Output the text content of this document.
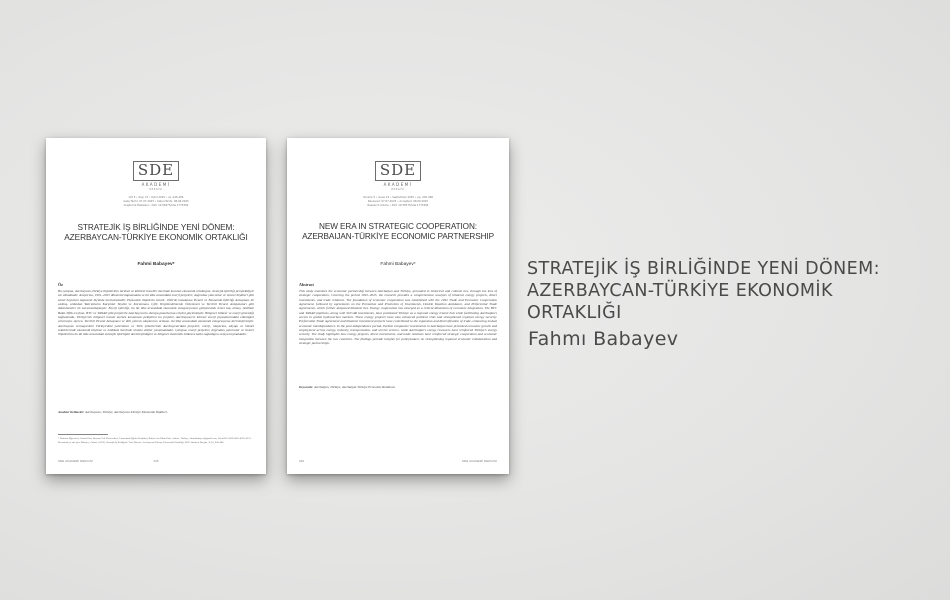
SDE
AKADEMİ
DERGİSİ
Cilt 5 • Sayı 15 • Eylül 2025 • ss. 445-466
Geliş Tarihi: 07.07.2025 • Kabul Tarihi: 08.09.2025
Araştırma Makalesi • DOI: 10.58375/sde.1775394
STRATEJİK İŞ BİRLİĞİNDE YENİ DÖNEM: AZERBAYCAN-TÜRKİYE EKONOMİK ORTAKLIĞI
Fahmi Babayev*
Öz
Bu çalışma, Azerbaycan-Türkiye ilişkilerinin tarihsel ve kültürel temeller üzerinde kurulan ekonomik ortaklığını, stratejik işbirliği perspektifiyle ele almaktadır. Araştırma, 1991–2025 dönemini kapsamakta ve iki ülke arasındaki enerji projeleri, doğrudan yatırımlar ve ticaret ilişkileri gibi temel boyutları kapsamlı biçimde incelemektedir. Ekonomik ilişkilerin temeli, 1992'de imzalanan Ticaret ve Ekonomik İşbirliği Anlaşması ile atılmış, ardından Yatırımların Karşılıklı Teşviki ve Korunması, Çifte Vergilendirmenin Önlenmesi ve Tercihli Ticaret Anlaşmaları gibi düzenlemeler ile kurumsallaşmıştır. Enerji işbirliği, bu iki ülke arasındaki ekonomik entegrasyonun gelişmesinin temel taşı olmuş, özellikle Bakü-Tiflis-Ceyhan, BTC ve TANAP gibi projelerle Azerbaycan'ın Avrupa pazarlarına erişimi güçlenmiştir. Bölgesel istikrar ve enerji güvenliği bağlamında, Türkiye'nin bölgesel transit merkez konumunu pekiştiren bu projeler, Azerbaycan'ın küresel enerji piyasalarındaki etkinliğini artırmıştır. Ayrıca, Tercihli Ticaret Anlaşması ve ikili yatırım akışlarının artması, iki ülke arasındaki ekonomik entegrasyonu derinleştirmiştir. Azerbaycan sermayesinin Türkiye'deki yatırımları ve Türk şirketlerinin Azerbaycan'daki projeleri, enerji, ulaştırma, altyapı ve hizmet sektörlerinde ekonomik büyüme ve istihdam üzerinde olumlu etkiler yaratmaktadır. Çalışma, enerji projeleri, doğrudan yatırımlar ve ticaret ilişkilerinin bu iki ülke arasındaki stratejik işbirliğini derinleştirdiğini ve bölgesel ekonomik istikrara katkı sağladığını ortaya koymaktadır.
Anahtar Kelimeler: Azerbaycan, Türkiye, Azerbaycan-Türkiye Ekonomik İlişkileri.
* Doktora Öğrencisi, Ankara Hacı Bayram Veli Üniversitesi, Lisansüstü Eğitim Enstitüsü, İktisat Ana Bilim Dalı, Ankara, Türkiye, fahmibabayev@gmail.com, Orcid ID: 0009-0001-8765-4321. Bu makaleye atıf için: Babayev, Fahmi. (2025). Stratejik İş Birliğinde Yeni Dönem: Azerbaycan-Türkiye Ekonomik Ortaklığı. SDE Akademi Dergisi, 5(15), 445-466.
SDE AKADEMİ DERGİSİ	445
SDE
AKADEMİ
DERGİSİ
Volume 5 • Issue 15 • September 2025 • pp. 445-466
Received: 07.07.2025 • Accepted: 08.09.2025
Research Article • DOI: 10.58375/sde.1775394
NEW ERA IN STRATEGIC COOPERATION: AZERBAIJAN-TÜRKİYE ECONOMIC PARTNERSHIP
Fahmi Babayev*
Abstract
This study examines the economic partnership between Azerbaijan and Türkiye, grounded in historical and cultural ties, through the lens of strategic cooperation. Covering the period 1991–2025, the research provides a comprehensive analysis of bilateral energy projects, direct investments, and trade relations. The foundation of economic cooperation was established with the 1992 Trade and Economic Cooperation Agreement, followed by agreements on the Promotion and Protection of Investments, Double Taxation Avoidance, and Preferential Trade Agreements, which further deepened bilateral ties. Energy cooperation has emerged as a critical dimension of economic integration. The BTC and TANAP pipelines, along with SOCAR investments, have positioned Türkiye as a regional energy transit hub while facilitating Azerbaijan's access to global hydrocarbon markets. These energy projects have also enhanced political risks and strengthened regional energy security. Preferential Trade Agreement and bilateral investment projects have contributed to the expansion and diversification of trade, enhancing mutual economic interdependence. In the post-independence period, Turkish companies' investments in Azerbaijan have promoted economic growth and employment across energy, industry, transportation, and service sectors, while Azerbaijan's energy resources have reinforced Türkiye's energy security. The study highlights how energy projects, direct investments, and trade relations have reinforced strategic cooperation and economic integration between the two countries. The findings provide insights for policymakers on strengthening regional economic collaboration and strategic partnerships.
Keywords: Azerbaijan, Türkiye, Azerbaijan-Türkiye Economic Relations.
446	SDE AKADEMİ DERGİSİ
STRATEJİK İŞ BİRLİĞİNDE YENİ DÖNEM: AZERBAYCAN-TÜRKİYE EKONOMİK ORTAKLIĞI
Fahmı Babayev
